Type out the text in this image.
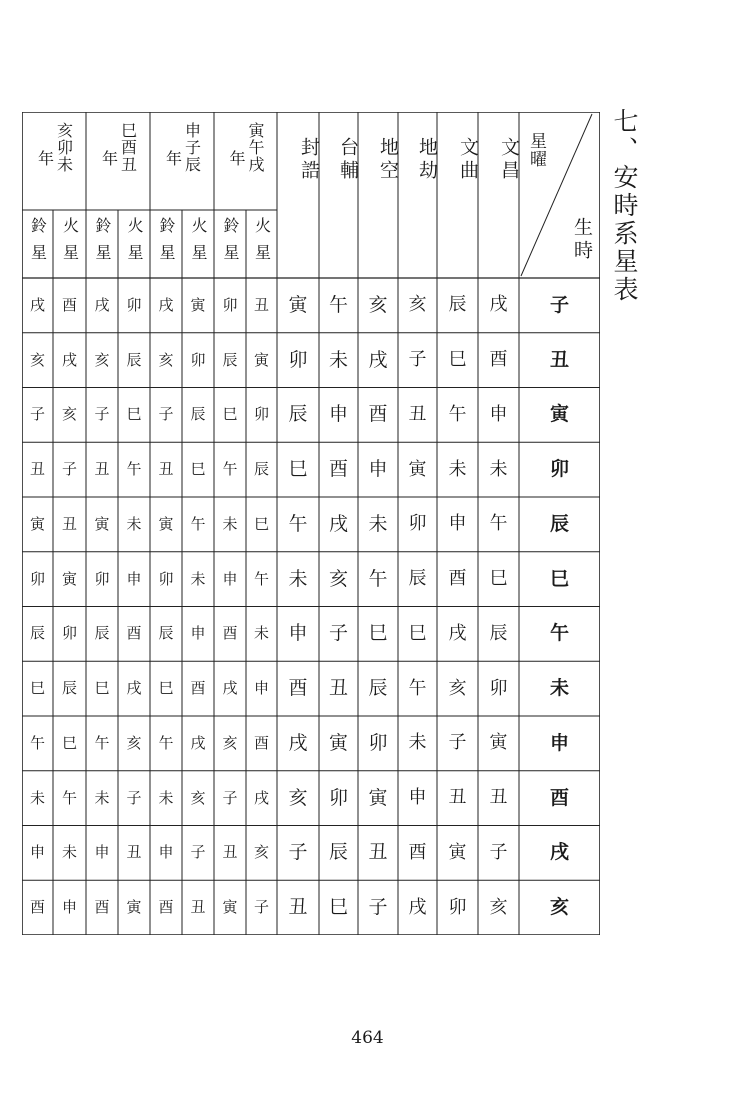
七、安時系星表
亥卯未
年
鈴星 火星
巳酉丑
年
鈴星 火星
申子辰
年
鈴星 火星
寅午戌
年
鈴星 火星
封誥 台輔 地空 地劫	文曲	文昌 星曜
生時
戌	酉	戌	卯	戌	寅	卯	丑	寅	午	亥	亥	辰	戌	子
亥	戌	亥	辰	亥	卯	辰	寅	卯	未	戌	子	巳	酉	丑
子	亥	子	巳	子	辰	巳	卯	辰	申	酉	丑	午	申	寅
丑	子	丑	午	丑	巳	午	辰	巳	酉	申	寅	未	未	卯
寅	丑	寅	未	寅	午	未	巳	午	戌	未	卯	申	午	辰
卯	寅	卯	申	卯	未	申	午	未	亥	午	辰	酉	巳	巳
辰	卯	辰	酉	辰	申	酉	未	申	子	巳	巳	戌	辰	午
巳	辰	巳	戌	巳	酉	戌	申	酉	丑	辰	午	亥	卯	未
午	巳	午	亥	午	戌	亥	酉	戌	寅	卯	未	子	寅	申
未	午	未	子	未	亥	子	戌	亥	卯	寅	申	丑	丑	酉
申	未	申	丑	申	子	丑	亥	子	辰	丑	酉	寅	子	戌
酉	申	酉	寅	酉	丑	寅	子	丑	巳	子	戌	卯	亥	亥
464
